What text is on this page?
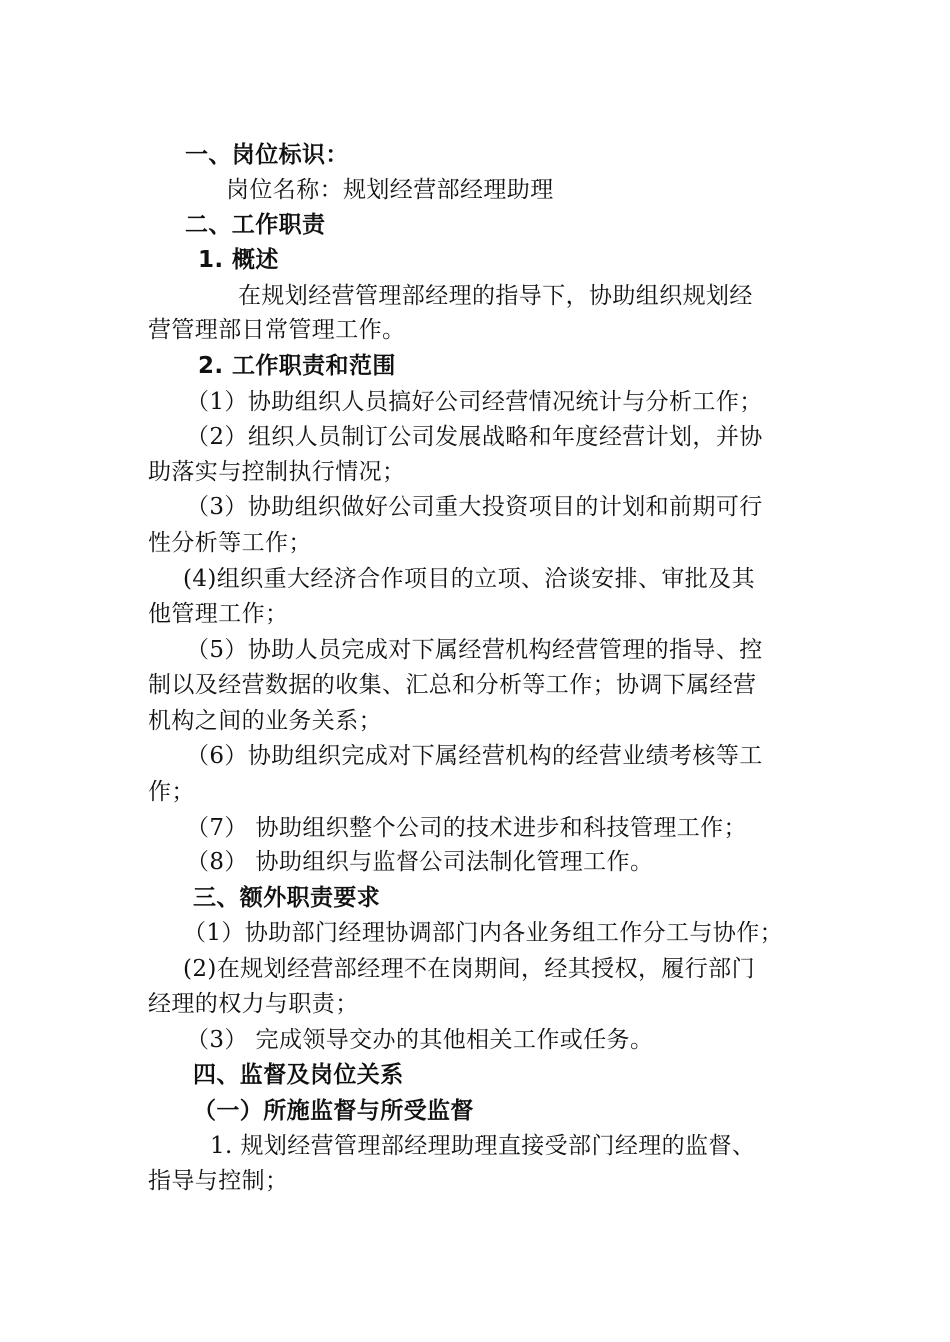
一、岗位标识：
岗位名称：规划经营部经理助理
二、工作职责
1. 概述
在规划经营管理部经理的指导下，协助组织规划经
营管理部日常管理工作。
2. 工作职责和范围
（1）协助组织人员搞好公司经营情况统计与分析工作；
（2）组织人员制订公司发展战略和年度经营计划，并协
助落实与控制执行情况；
（3）协助组织做好公司重大投资项目的计划和前期可行
性分析等工作；
(4)组织重大经济合作项目的立项、洽谈安排、审批及其
他管理工作；
（5）协助人员完成对下属经营机构经营管理的指导、控
制以及经营数据的收集、汇总和分析等工作；协调下属经营
机构之间的业务关系；
（6）协助组织完成对下属经营机构的经营业绩考核等工
作；
（7） 协助组织整个公司的技术进步和科技管理工作；
（8） 协助组织与监督公司法制化管理工作。
三、额外职责要求
（1）协助部门经理协调部门内各业务组工作分工与协作；
(2)在规划经营部经理不在岗期间，经其授权，履行部门
经理的权力与职责；
（3） 完成领导交办的其他相关工作或任务。
四、监督及岗位关系
（一）所施监督与所受监督
1. 规划经营管理部经理助理直接受部门经理的监督、
指导与控制；
